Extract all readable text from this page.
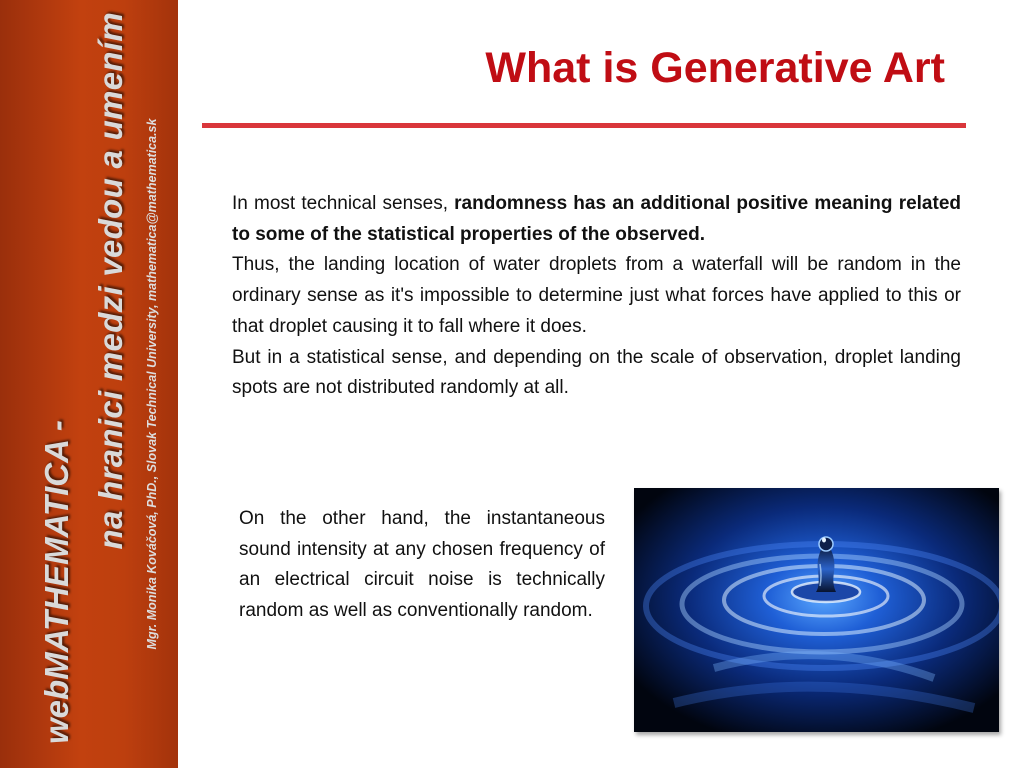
webMATHEMATICA -
na hranici medzi vedou a umením Mgr. Monika Kováčová, PhD., Slovak Technical University, mathematica@mathematica.sk
What is Generative Art

In most technical senses, randomness has an additional positive meaning related to some of the statistical properties of the observed.

Thus, the landing location of water droplets from a waterfall will be random in the ordinary sense as it's impossible to determine just what forces have applied to this or that droplet causing it to fall where it does.

But in a statistical sense, and depending on the scale of observation, droplet landing spots are not distributed randomly at all.

On the other hand, the instantaneous sound intensity at any chosen frequency of an electrical circuit noise is technically random as well as conventionally random.
